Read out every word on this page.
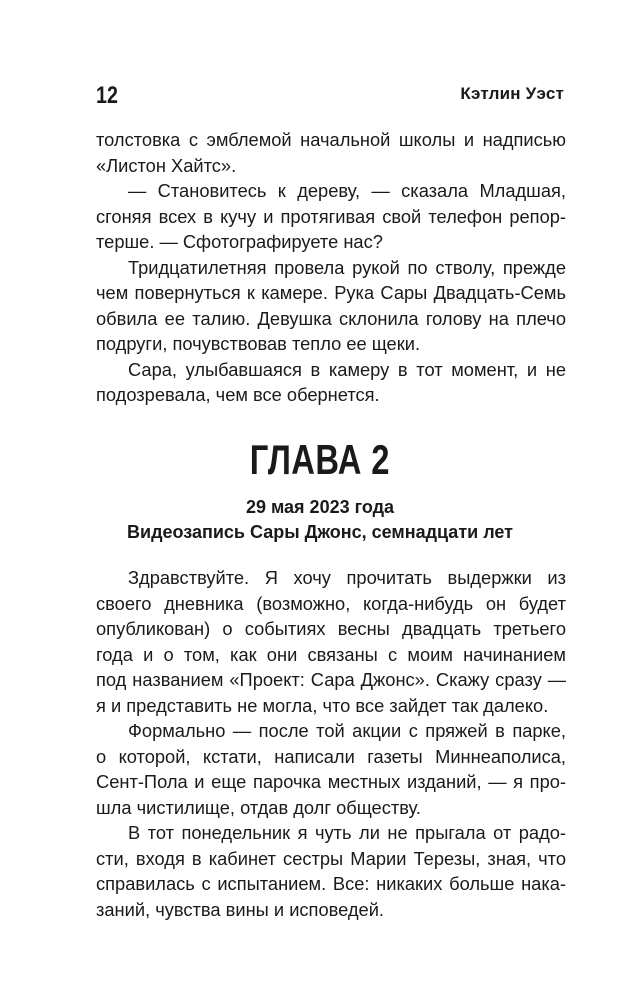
12	Кэтлин Уэст
толстовка с эмблемой начальной школы и надписью
«Листон Хайтс».
— Становитесь к дереву, — сказала Младшая,
сгоняя всех в кучу и протягивая свой телефон репор-
терше. — Сфотографируете нас?
Тридцатилетняя провела рукой по стволу, прежде
чем повернуться к камере. Рука Сары Двадцать-Семь
обвила ее талию. Девушка склонила голову на плечо
подруги, почувствовав тепло ее щеки.
Сара, улыбавшаяся в камеру в тот момент, и не
подозревала, чем все обернется.
ГЛАВА 2
29 мая 2023 года
Видеозапись Сары Джонс, семнадцати лет
Здравствуйте. Я хочу прочитать выдержки из
своего дневника (возможно, когда-нибудь он будет
опубликован) о событиях весны двадцать третьего
года и о том, как они связаны с моим начинанием
под названием «Проект: Сара Джонс». Скажу сразу —
я и представить не могла, что все зайдет так далеко.
Формально — после той акции с пряжей в парке,
о которой, кстати, написали газеты Миннеаполиса,
Сент-Пола и еще парочка местных изданий, — я про-
шла чистилище, отдав долг обществу.
В тот понедельник я чуть ли не прыгала от радо-
сти, входя в кабинет сестры Марии Терезы, зная, что
справилась с испытанием. Все: никаких больше нака-
заний, чувства вины и исповедей.
